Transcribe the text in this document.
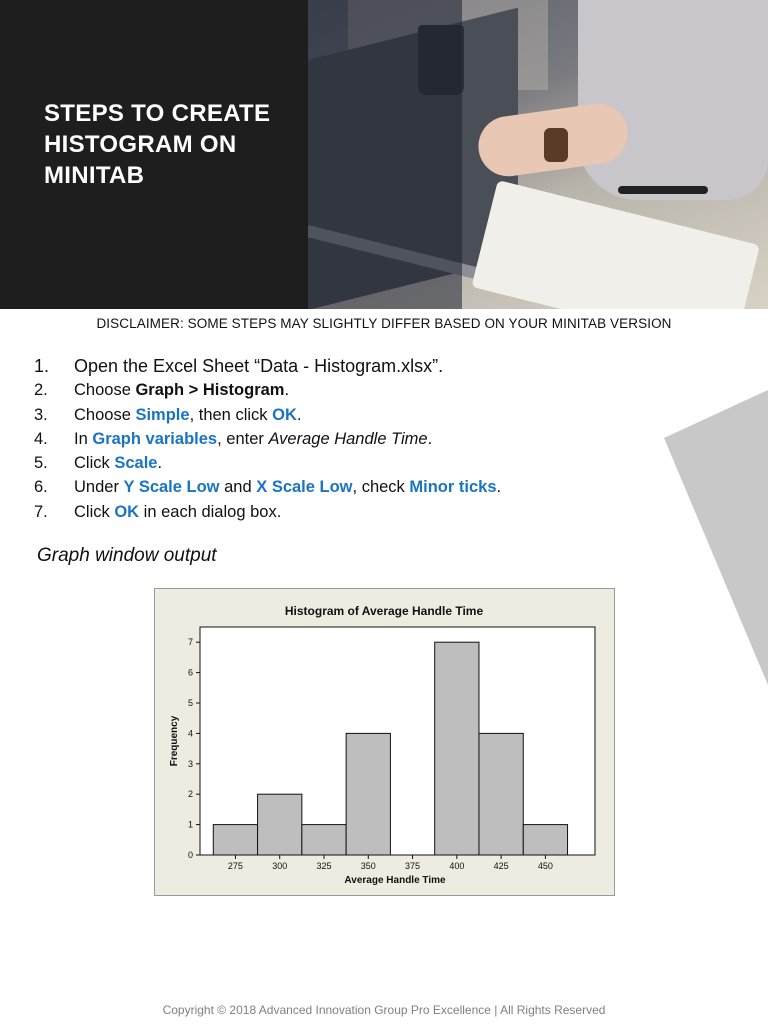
STEPS TO CREATE
HISTOGRAM ON
MINITAB
DISCLAIMER: SOME STEPS MAY SLIGHTLY DIFFER BASED ON YOUR MINITAB VERSION
1.	Open the Excel Sheet “Data - Histogram.xlsx”.
2.	Choose Graph > Histogram.
3.	Choose Simple, then click OK.
4.	In Graph variables, enter Average Handle Time.
5.	Click Scale.
6.	Under Y Scale Low and X Scale Low, check Minor ticks.
7.	Click OK in each dialog box.
Graph window output
Histogram of Average Handle Time
Average Handle Time
Frequency
0
1
2
3
4
5
6
7
275	300	325	350	375	400	425	450
Copyright © 2018 Advanced Innovation Group Pro Excellence | All Rights Reserved
